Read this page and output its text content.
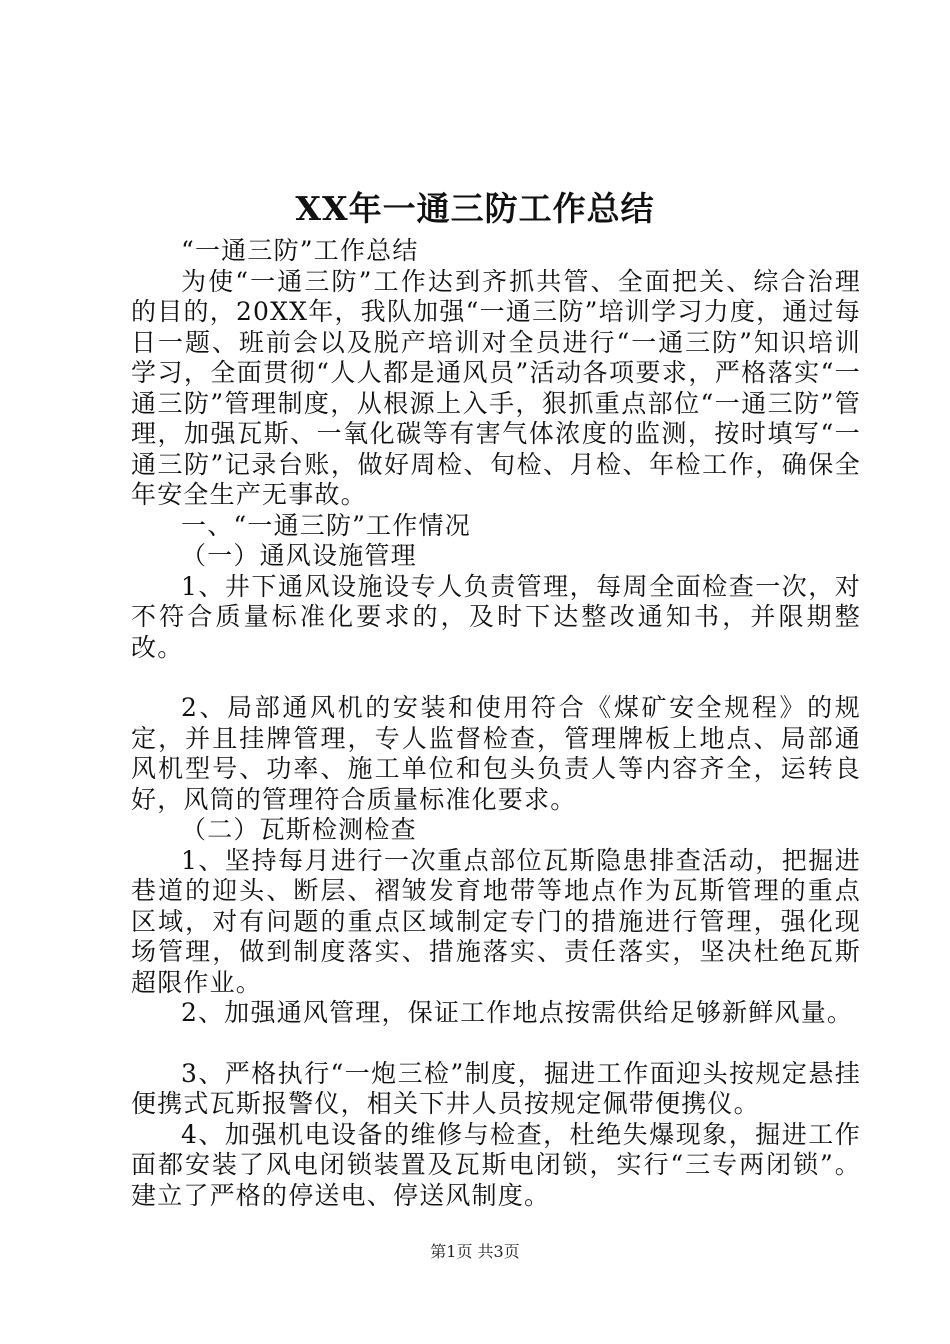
XX年一通三防工作总结

“一通三防”工作总结

为使“一通三防”工作达到齐抓共管、全面把关、综合治理的目的，20XX年，我队加强“一通三防”培训学习力度，通过每日一题、班前会以及脱产培训对全员进行“一通三防”知识培训学习，全面贯彻“人人都是通风员”活动各项要求，严格落实“一通三防”管理制度，从根源上入手，狠抓重点部位“一通三防”管理，加强瓦斯、一氧化碳等有害气体浓度的监测，按时填写“一通三防”记录台账，做好周检、旬检、月检、年检工作，确保全年安全生产无事故。

一、“一通三防”工作情况

（一）通风设施管理

1、井下通风设施设专人负责管理，每周全面检查一次，对不符合质量标准化要求的，及时下达整改通知书，并限期整改。

2、局部通风机的安装和使用符合《煤矿安全规程》的规定，并且挂牌管理，专人监督检查，管理牌板上地点、局部通风机型号、功率、施工单位和包头负责人等内容齐全，运转良好，风筒的管理符合质量标准化要求。

（二）瓦斯检测检查

1、坚持每月进行一次重点部位瓦斯隐患排查活动，把掘进巷道的迎头、断层、褶皱发育地带等地点作为瓦斯管理的重点区域，对有问题的重点区域制定专门的措施进行管理，强化现场管理，做到制度落实、措施落实、责任落实，坚决杜绝瓦斯超限作业。

2、加强通风管理，保证工作地点按需供给足够新鲜风量。

3、严格执行“一炮三检”制度，掘进工作面迎头按规定悬挂便携式瓦斯报警仪，相关下井人员按规定佩带便携仪。

4、加强机电设备的维修与检查，杜绝失爆现象，掘进工作面都安装了风电闭锁装置及瓦斯电闭锁，实行“三专两闭锁”。建立了严格的停送电、停送风制度。

第1页 共3页
